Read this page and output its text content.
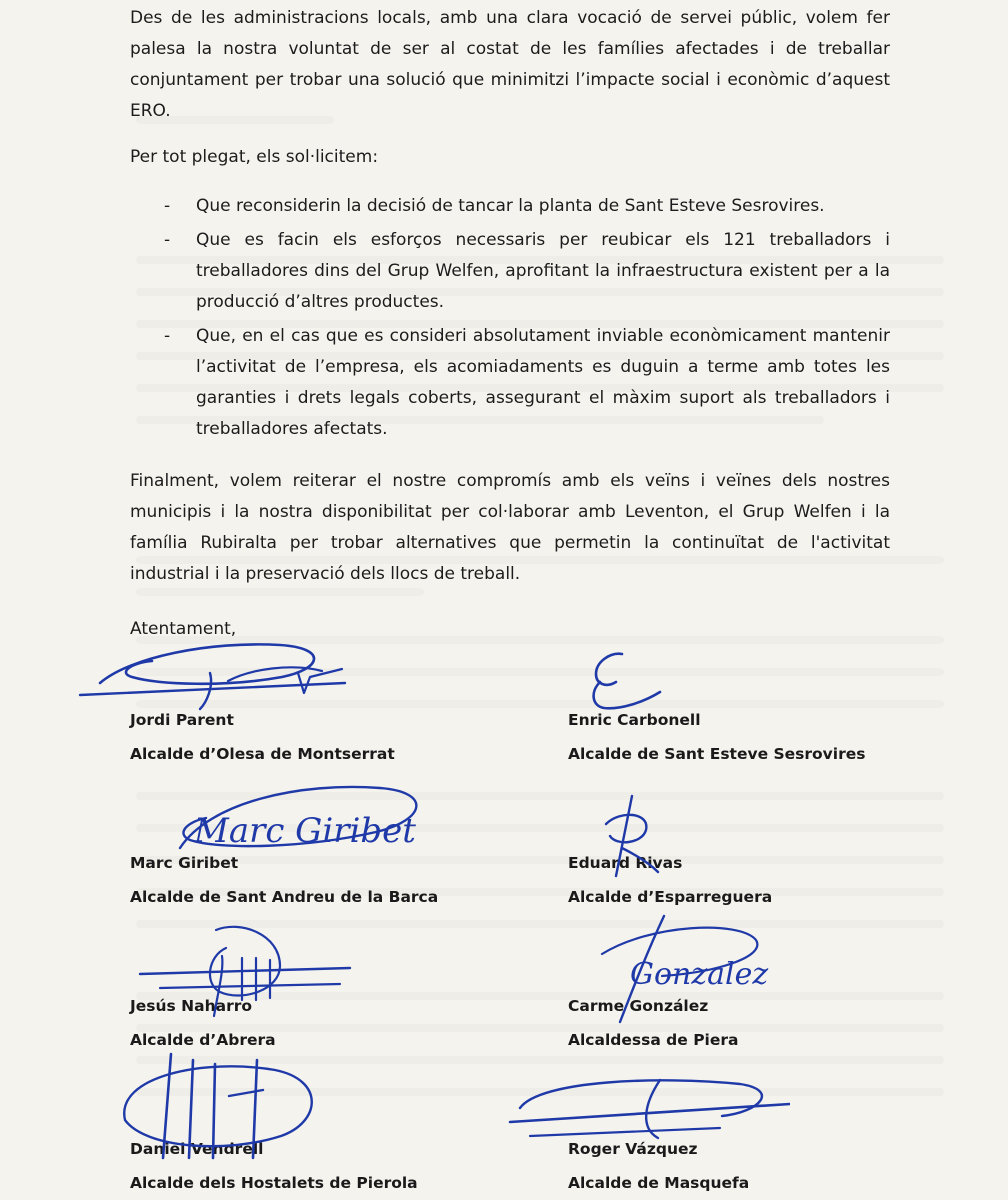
Des de les administracions locals, amb una clara vocació de servei públic, volem fer palesa la nostra voluntat de ser al costat de les famílies afectades i de treballar conjuntament per trobar una solució que minimitzi l’impacte social i econòmic d’aquest ERO.

Per tot plegat, els sol·licitem:

- Que reconsiderin la decisió de tancar la planta de Sant Esteve Sesrovires.
- Que es facin els esforços necessaris per reubicar els 121 treballadors i treballadores dins del Grup Welfen, aprofitant la infraestructura existent per a la producció d’altres productes.
- Que, en el cas que es consideri absolutament inviable econòmicament mantenir l’activitat de l’empresa, els acomiadaments es duguin a terme amb totes les garanties i drets legals coberts, assegurant el màxim suport als treballadors i treballadores afectats.

Finalment, volem reiterar el nostre compromís amb els veïns i veïnes dels nostres municipis i la nostra disponibilitat per col·laborar amb Leventon, el Grup Welfen i la família Rubiralta per trobar alternatives que permetin la continuïtat de l'activitat industrial i la preservació dels llocs de treball.

Atentament,

Jordi Parent
Alcalde d’Olesa de Montserrat
Enric Carbonell
Alcalde de Sant Esteve Sesrovires
Marc Giribet
Alcalde de Sant Andreu de la Barca
Eduard Rivas
Alcalde d’Esparreguera
Jesús Naharro
Alcalde d’Abrera
Carme González
Alcaldessa de Piera
Daniel Vendrell
Alcalde dels Hostalets de Pierola
Roger Vázquez
Alcalde de Masquefa
Marc Giribet
Gonzalez
